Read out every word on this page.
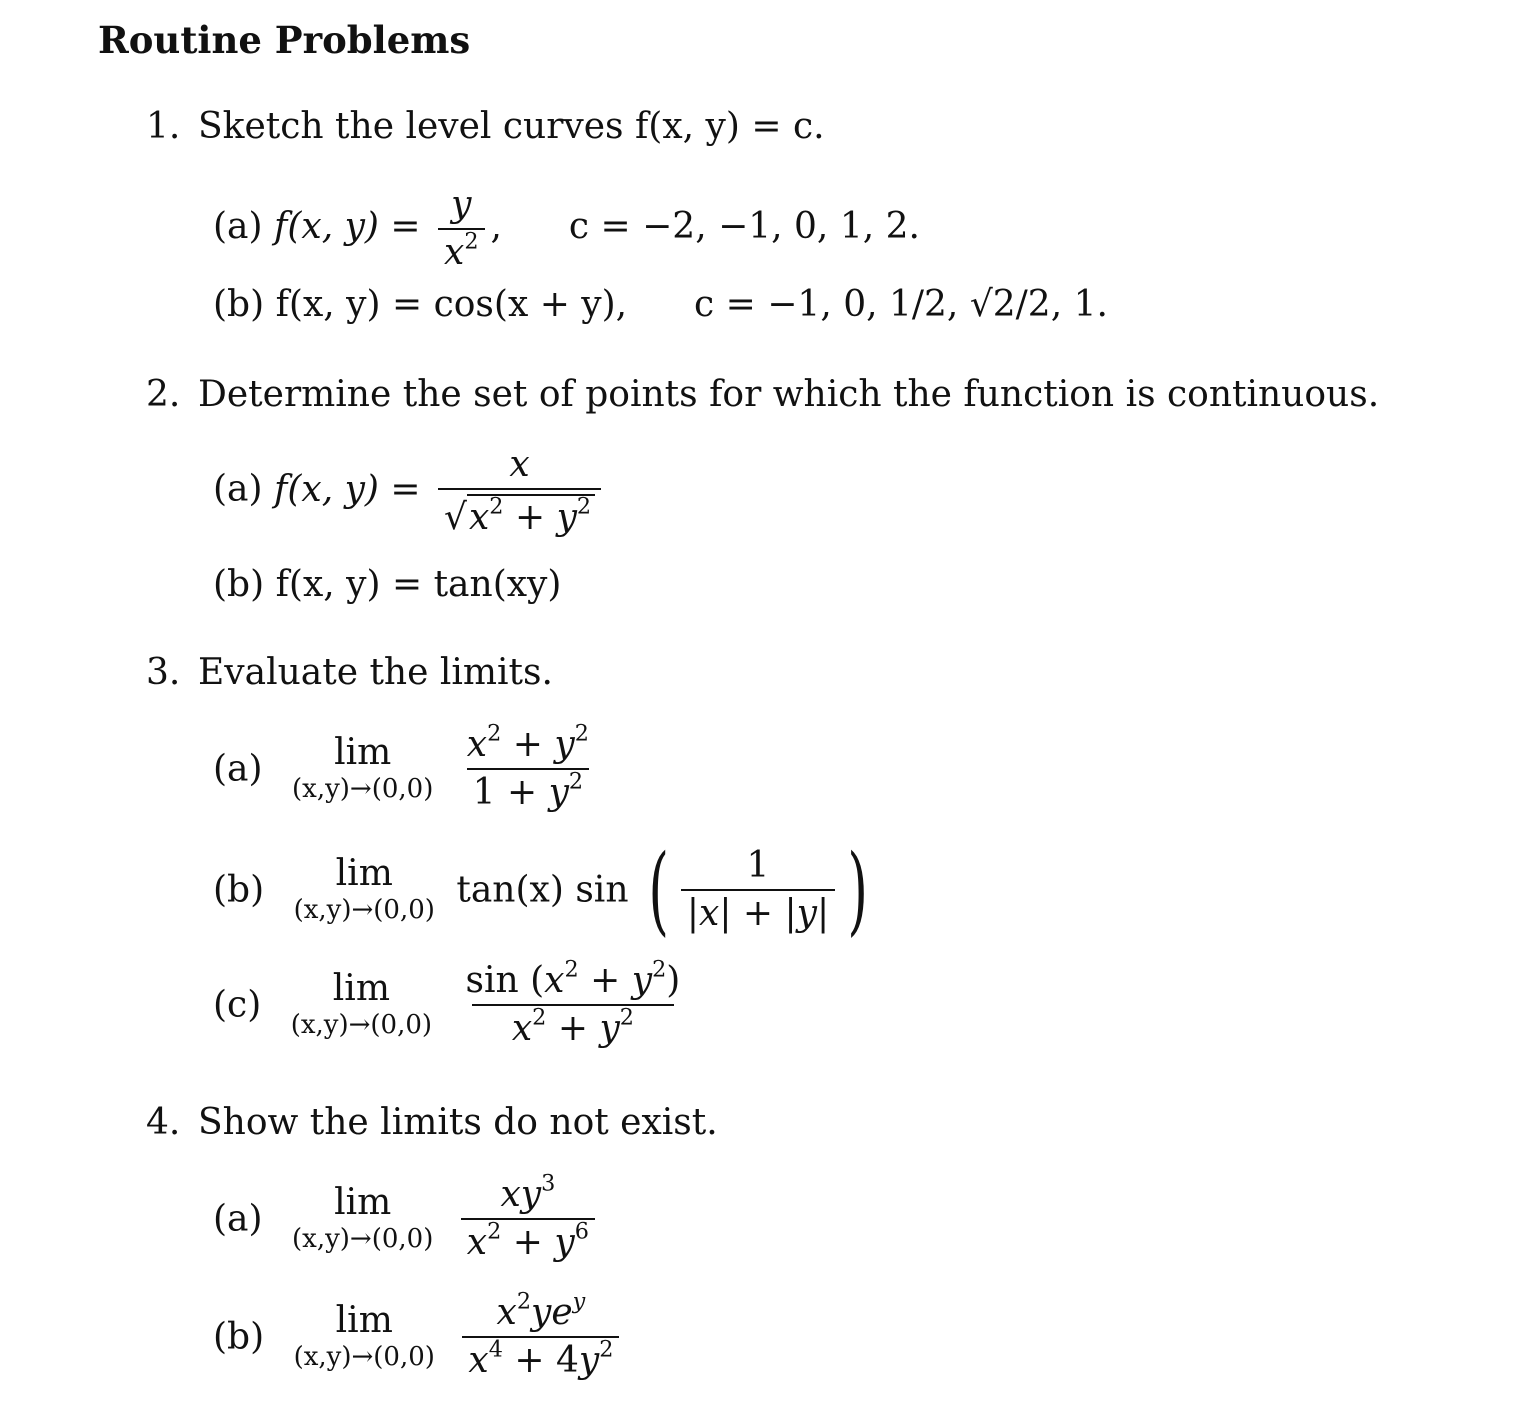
Routine Problems
1. Sketch the level curves f(x, y) = c.
(a) f(x, $y) = \frac{y}{x^2}$ , c = −2, −1, 0, 1, 2.
(b) f(x, y) = cos(x + y), c = −1, 0, 1/2, √2/2, 1.
2. Determine the set of points for which the function is continuous.
(a) f(x, $y) = \frac{x}{√x^2 + y^2}$
(b) f(x, y) = tan(xy)
3. Evaluate the limits.
(a) lim
(x,y)→(0,0)
$\frac{x^2 + y^2}{1 + y^2}$
(b) lim
(x,y)→(0,0) tan(x) sin ( $\frac{1}{|x| + |y|}$ )
(c) lim
(x,y)→(0,0)
$\frac{\sin (x^2 + y^2)}{x^2 + y^2}$
4. Show the limits do not exist.
(a) lim
(x,y)→(0,0)
$\frac{xy^3}{x^2 + y^6}$
(b) lim
(x,y)→(0,0)
$\frac{x^2ye^y}{x^4 + 4y^2}$
